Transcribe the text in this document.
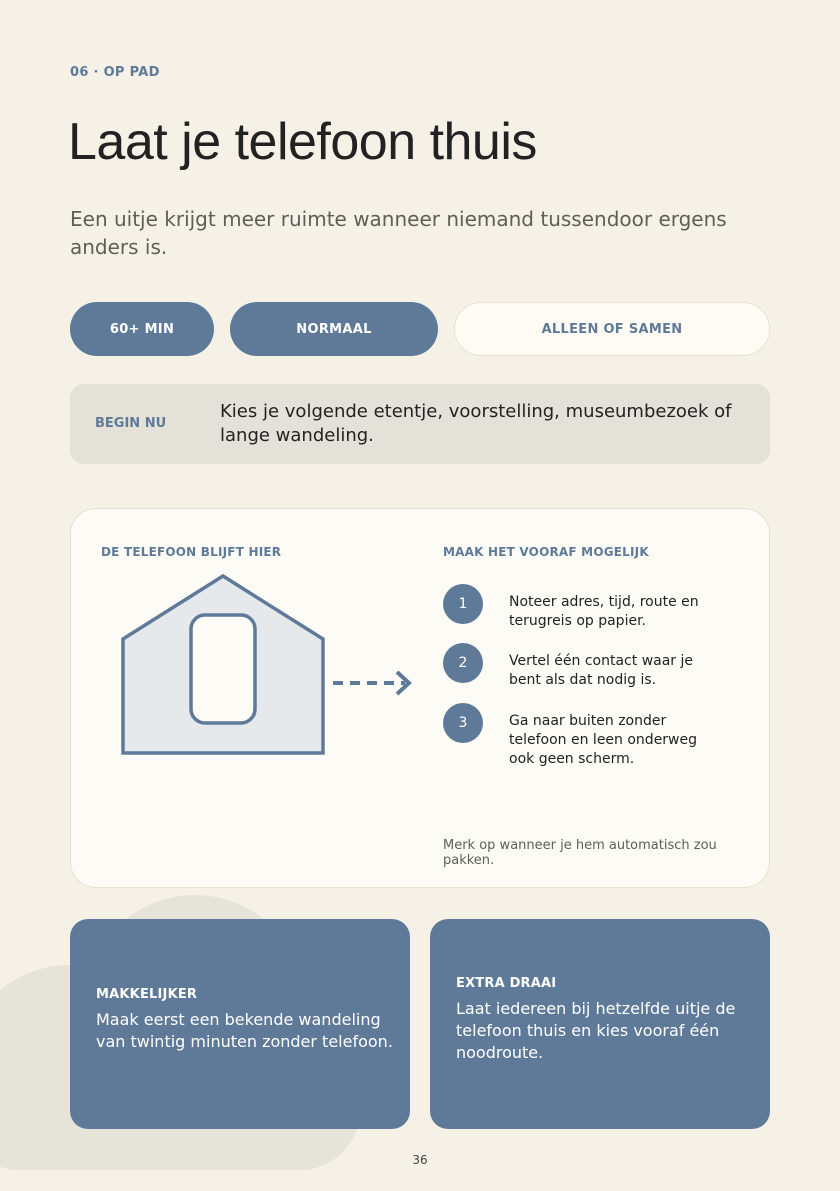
06 · OP PAD
Laat je telefoon thuis

Een uitje krijgt meer ruimte wanneer niemand tussendoor ergens anders is.

60+ MIN	NORMAAL	ALLEEN OF SAMEN
BEGIN NU
Kies je volgende etentje, voorstelling, museumbezoek of lange wandeling.
DE TELEFOON BLIJFT HIER	MAAK HET VOORAF MOGELIJK
1	Noteer adres, tijd, route en terugreis op papier.
2	Vertel één contact waar je bent als dat nodig is.
3	Ga naar buiten zonder telefoon en leen onderweg ook geen scherm.
Merk op wanneer je hem automatisch zou pakken.
MAKKELIJKER
Maak eerst een bekende wandeling van twintig minuten zonder telefoon.
EXTRA DRAAI
Laat iedereen bij hetzelfde uitje de telefoon thuis en kies vooraf één noodroute.
36
